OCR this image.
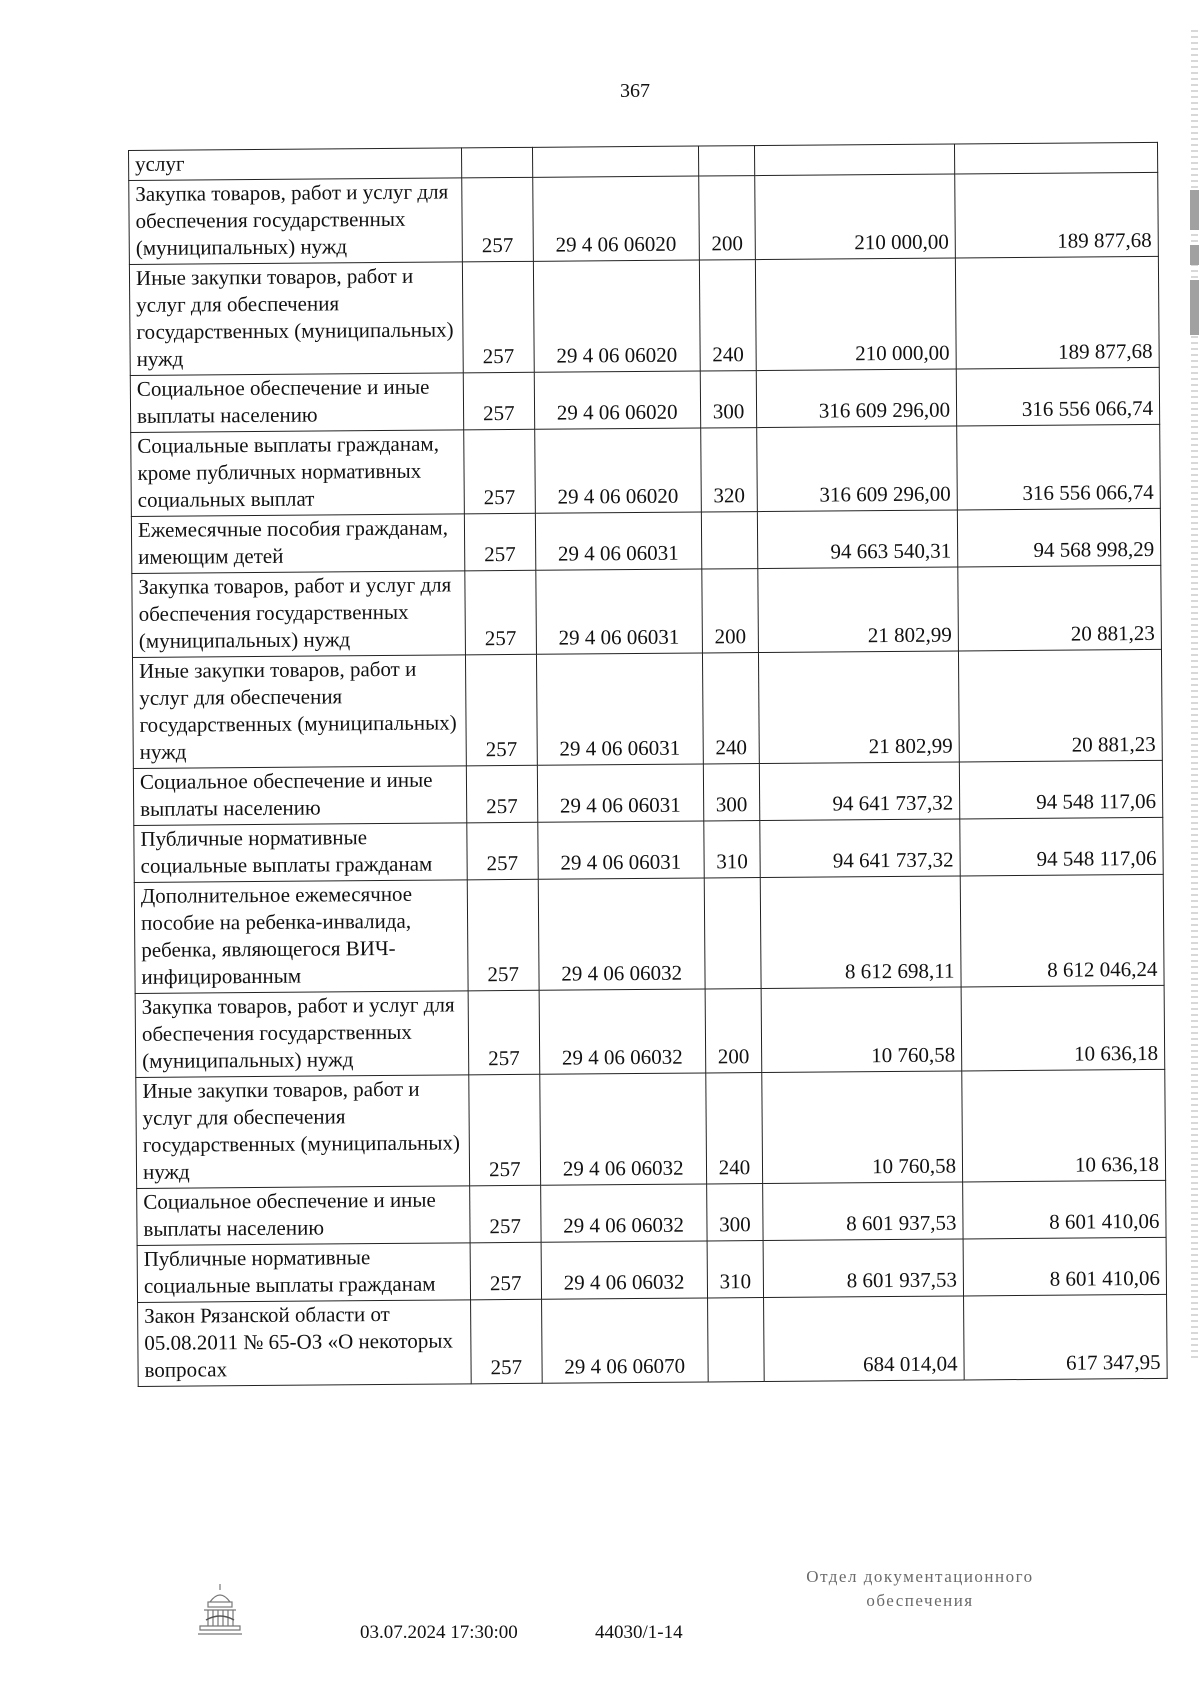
367
услуг					
Закупка товаров, работ и услуг для обеспечения государственных (муниципальных) нужд	257	29 4 06 06020	200	210 000,00	189 877,68
Иные закупки товаров, работ и услуг для обеспечения государственных (муниципальных) нужд	257	29 4 06 06020	240	210 000,00	189 877,68
Социальное обеспечение и иные выплаты населению	257	29 4 06 06020	300	316 609 296,00	316 556 066,74
Социальные выплаты гражданам, кроме публичных нормативных социальных выплат	257	29 4 06 06020	320	316 609 296,00	316 556 066,74
Ежемесячные пособия гражданам, имеющим детей	257	29 4 06 06031		94 663 540,31	94 568 998,29
Закупка товаров, работ и услуг для обеспечения государственных (муниципальных) нужд	257	29 4 06 06031	200	21 802,99	20 881,23
Иные закупки товаров, работ и услуг для обеспечения государственных (муниципальных) нужд	257	29 4 06 06031	240	21 802,99	20 881,23
Социальное обеспечение и иные выплаты населению	257	29 4 06 06031	300	94 641 737,32	94 548 117,06
Публичные нормативные социальные выплаты гражданам	257	29 4 06 06031	310	94 641 737,32	94 548 117,06
Дополнительное ежемесячное пособие на ребенка-инвалида, ребенка, являющегося ВИЧ-инфицированным	257	29 4 06 06032		8 612 698,11	8 612 046,24
Закупка товаров, работ и услуг для обеспечения государственных (муниципальных) нужд	257	29 4 06 06032	200	10 760,58	10 636,18
Иные закупки товаров, работ и услуг для обеспечения государственных (муниципальных) нужд	257	29 4 06 06032	240	10 760,58	10 636,18
Социальное обеспечение и иные выплаты населению	257	29 4 06 06032	300	8 601 937,53	8 601 410,06
Публичные нормативные социальные выплаты гражданам	257	29 4 06 06032	310	8 601 937,53	8 601 410,06
Закон Рязанской области от 05.08.2011 № 65-ОЗ «О некоторых вопросах	257	29 4 06 06070		684 014,04	617 347,95
03.07.2024 17:30:00	44030/1-14
Отдел документационного
обеспечения
